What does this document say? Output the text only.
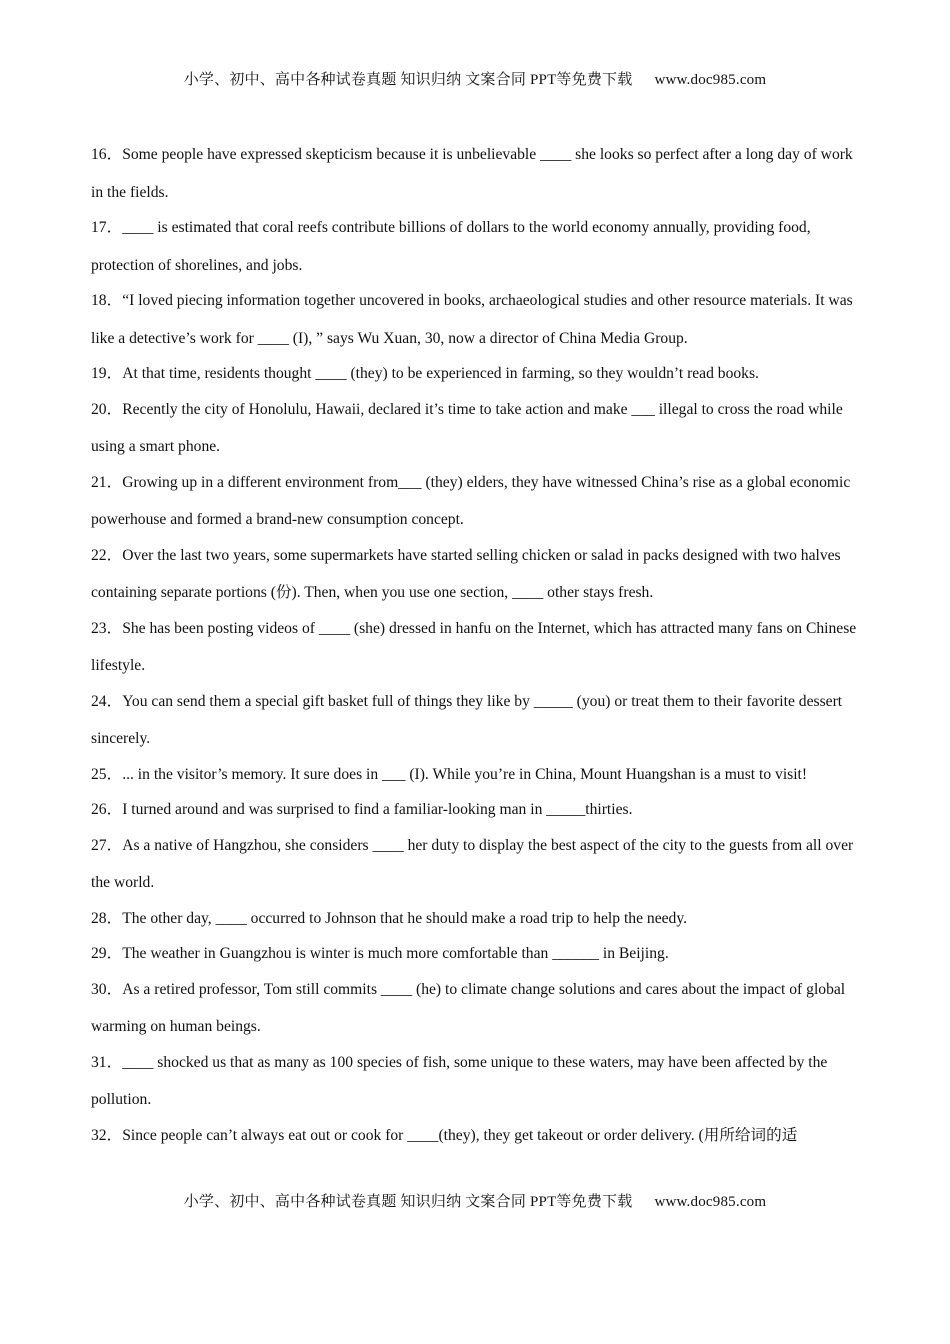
小学、初中、高中各种试卷真题 知识归纳 文案合同 PPT等免费下载 www.doc985.com

16．Some people have expressed skepticism because it is unbelievable ____ she looks so perfect after a long day of work in the fields.

17．____ is estimated that coral reefs contribute billions of dollars to the world economy annually, providing food, protection of shorelines, and jobs.

18．“I loved piecing information together uncovered in books, archaeological studies and other resource materials. It was like a detective’s work for ____ (I), ” says Wu Xuan, 30, now a director of China Media Group.

19．At that time, residents thought ____ (they) to be experienced in farming, so they wouldn’t read books.

20．Recently the city of Honolulu, Hawaii, declared it’s time to take action and make ___ illegal to cross the road while using a smart phone.

21．Growing up in a different environment from___ (they) elders, they have witnessed China’s rise as a global economic powerhouse and formed a brand-new consumption concept.

22．Over the last two years, some supermarkets have started selling chicken or salad in packs designed with two halves containing separate portions (份). Then, when you use one section, ____ other stays fresh.

23．She has been posting videos of ____ (she) dressed in hanfu on the Internet, which has attracted many fans on Chinese lifestyle.

24．You can send them a special gift basket full of things they like by _____ (you) or treat them to their favorite dessert sincerely.

25．... in the visitor’s memory. It sure does in ___ (I). While you’re in China, Mount Huangshan is a must to visit!

26．I turned around and was surprised to find a familiar-looking man in _____thirties.

27．As a native of Hangzhou, she considers ____ her duty to display the best aspect of the city to the guests from all over the world.

28．The other day, ____ occurred to Johnson that he should make a road trip to help the needy.

29．The weather in Guangzhou is winter is much more comfortable than ______ in Beijing.

30．As a retired professor, Tom still commits ____ (he) to climate change solutions and cares about the impact of global warming on human beings.

31．____ shocked us that as many as 100 species of fish, some unique to these waters, may have been affected by the pollution.

32．Since people can’t always eat out or cook for ____(they), they get takeout or order delivery. (用所给词的适

小学、初中、高中各种试卷真题 知识归纳 文案合同 PPT等免费下载 www.doc985.com
